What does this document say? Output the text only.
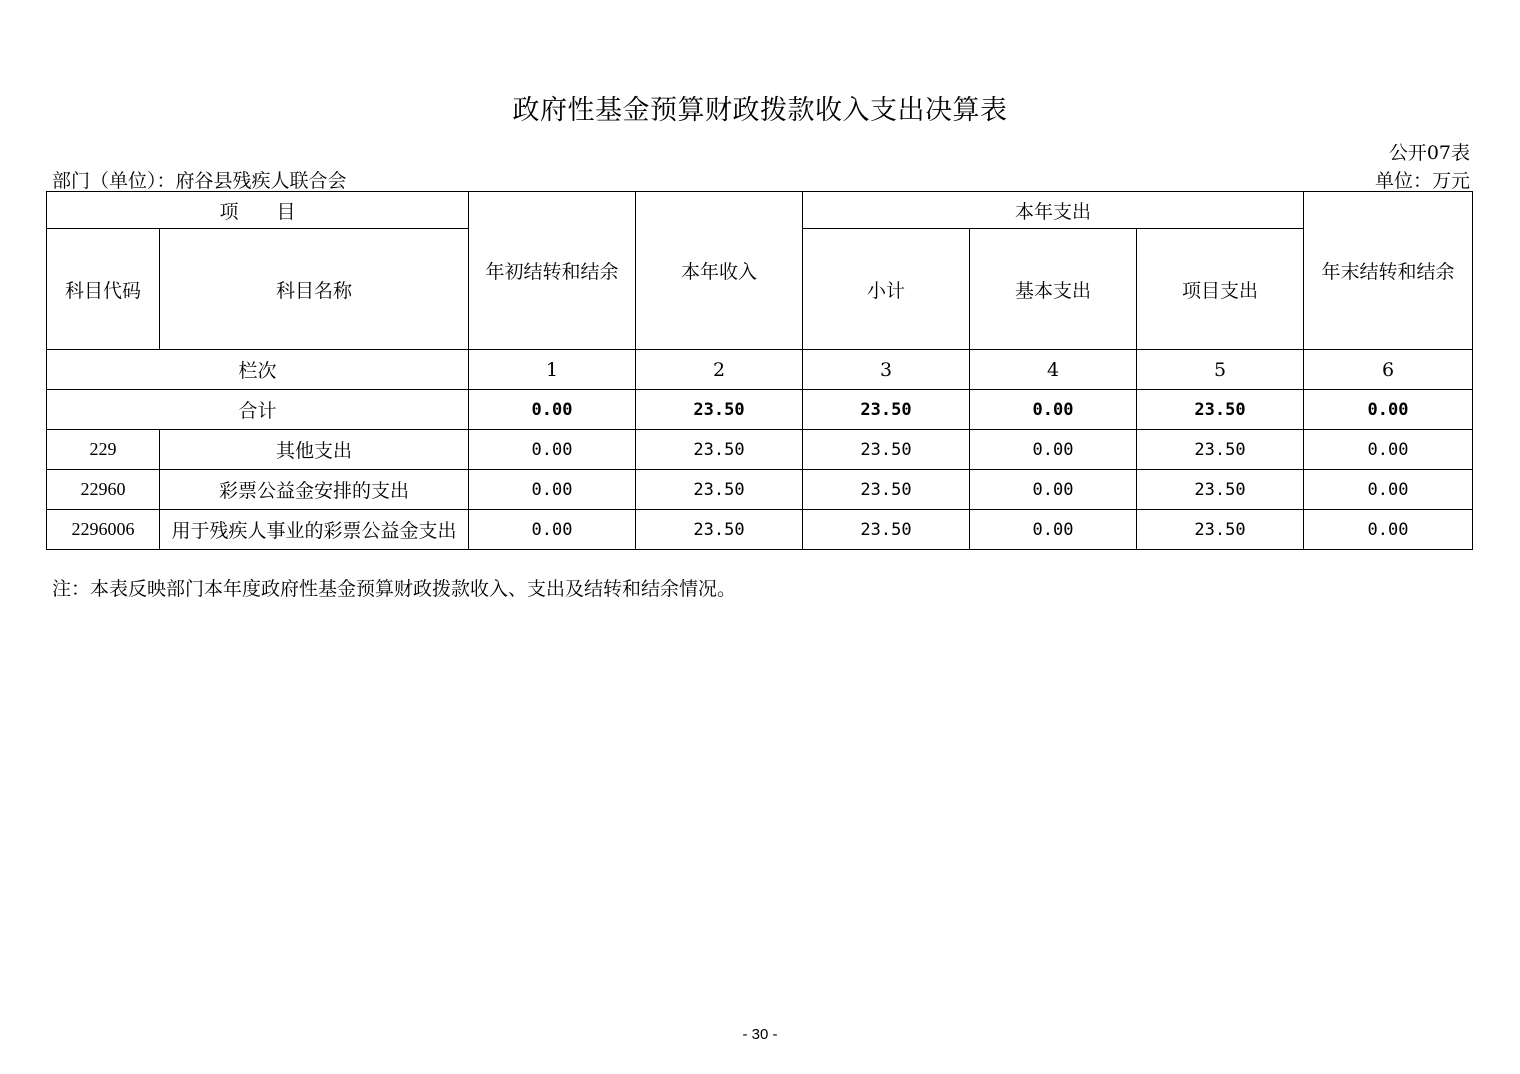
政府性基金预算财政拨款收入支出决算表
公开07表
部门（单位）：府谷县残疾人联合会	单位：万元
项　　目		年初结转和结余	本年收入	本年支出			年末结转和结余
科目代码	科目名称			小计	基本支出	项目支出	
栏次		1	2	3	4	5	6
合计		0.00	23.50	23.50	0.00	23.50	0.00
229	其他支出	0.00	23.50	23.50	0.00	23.50	0.00
22960	彩票公益金安排的支出	0.00	23.50	23.50	0.00	23.50	0.00
2296006	用于残疾人事业的彩票公益金支出	0.00	23.50	23.50	0.00	23.50	0.00
注：本表反映部门本年度政府性基金预算财政拨款收入、支出及结转和结余情况。
- 30 -
